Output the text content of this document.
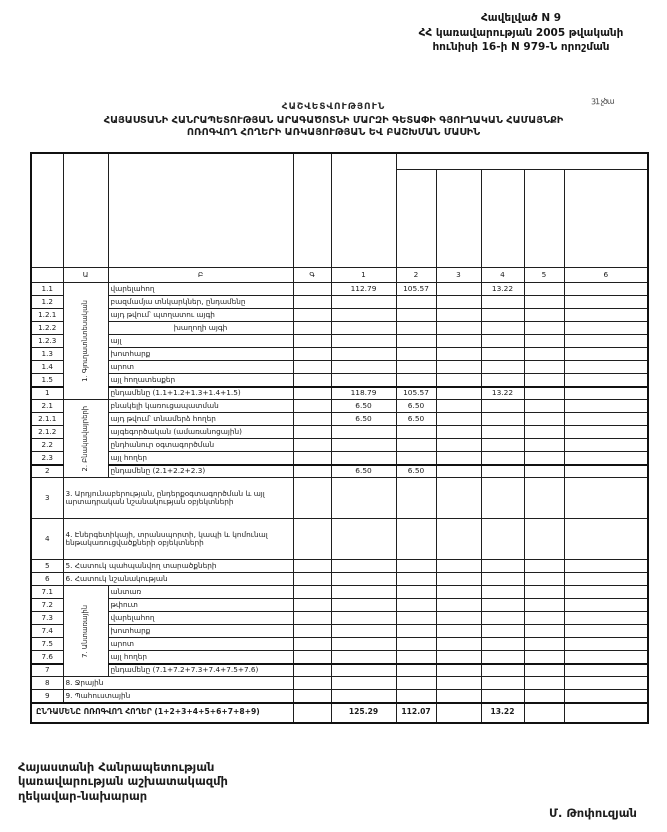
Հավելված N 9
ՀՀ կառավարության 2005 թվականի
հունիսի 16-ի N 979-Ն որոշման
ՀԱՇՎԵՏՎՈՒԹՅՈՒՆ
31 չծա
ՀԱՅԱՍՏԱՆԻ ՀԱՆՐԱՊԵՏՈՒԹՅԱՆ ԱՐԱԳԱԾՈՏՆԻ ՄԱՐԶԻ ԳԵՏԱՓԻ ԳՅՈՒՂԱԿԱՆ ՀԱՄԱՅՆՔԻ
ՈՌՈԳՎՈՂ ՀՈՂԵՐԻ ԱՌԿԱՅՈՒԹՅԱՆ ԵՎ ԲԱՇԽՄԱՆ ՄԱՍԻՆ

	Ա	Բ	Գ	1	2	3	4	5	6
1.1	1. Գյուղատնտեսական	վարելահող		112.79	105.57		13.22		
1.2		բազմամյա տնկարկներ, ընդամենը							
1.2.1		այդ թվում՝ պտղատու այգի							
1.2.2		խաղողի այգի							
1.2.3		այլ							
1.3		խոտհարք							
1.4		արոտ							
1.5		այլ հողատեսքեր							
1		ընդամենը (1.1+1.2+1.3+1.4+1.5)		118.79	105.57		13.22		
2.1	2. Բնակավայրերի	բնակելի կառուցապատման		6.50	6.50				
2.1.1		այդ թվում՝ տնամերձ հողեր		6.50	6.50				
2.1.2		այգեգործական (ամառանոցային)							
2.2		ընդհանուր օգտագործման							
2.3		այլ հողեր							
2		ընդամենը (2.1+2.2+2.3)		6.50	6.50				
3	3. Արդյունաբերության, ընդերքօգտագործման և այլ արտադրական նշանակության օբյեկտների								
4	4. Էներգետիկայի, տրանսպորտի, կապի և կոմունալ ենթակառուցվածքների օբյեկտների								
5	5. Հատուկ պահպանվող տարածքների								
6	6. Հատուկ նշանակության								
7.1	7. Անտառային	անտառ							
7.2		թփուտ							
7.3		վարելահող							
7.4		խոտհարք							
7.5		արոտ							
7.6		այլ հողեր							
7		ընդամենը (7.1+7.2+7.3+7.4+7.5+7.6)							
8	8. Ջրային								
9	9. Պահուստային								
ԸՆԴԱՄԵՆԸ ՈՌՈԳՎՈՂ ՀՈՂԵՐ (1+2+3+4+5+6+7+8+9)				125.29	112.07		13.22		
Հայաստանի Հանրապետության
կառավարության աշխատակազմի
ղեկավար-նախարար
Մ. Թոփուզյան
